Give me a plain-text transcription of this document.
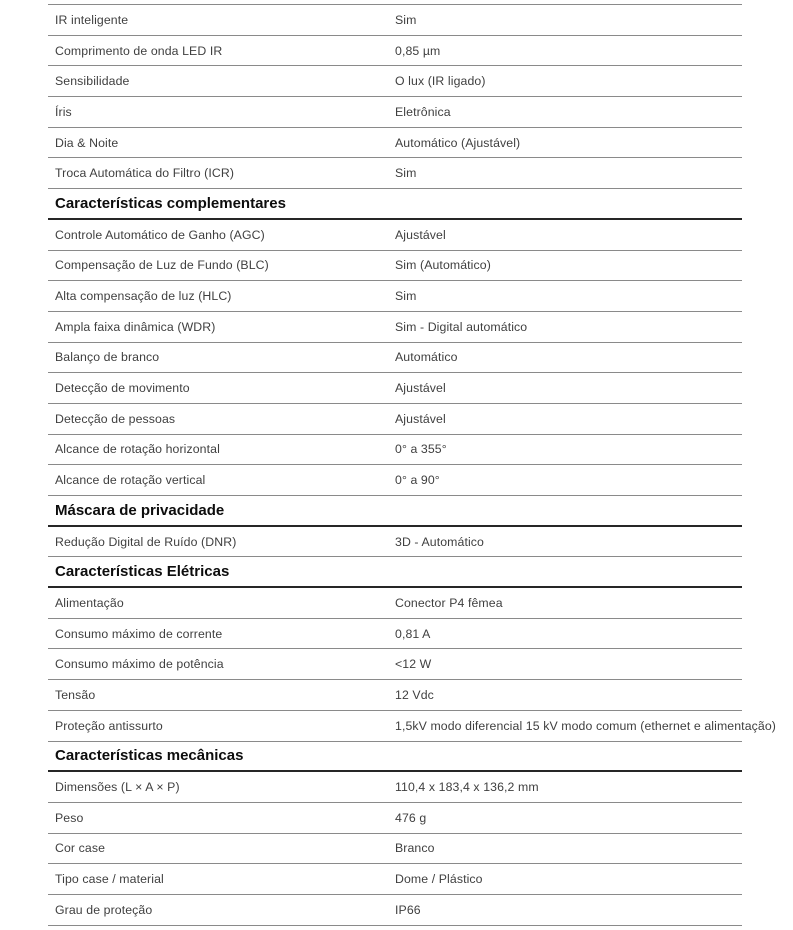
IR inteligente	Sim
Comprimento de onda LED IR	0,85 µm
Sensibilidade	O lux (IR ligado)
Íris	Eletrônica
Dia & Noite	Automático (Ajustável)
Troca Automática do Filtro (ICR)	Sim
Características complementares
Controle Automático de Ganho (AGC)	Ajustável
Compensação de Luz de Fundo (BLC)	Sim (Automático)
Alta compensação de luz (HLC)	Sim
Ampla faixa dinâmica (WDR)	Sim - Digital automático
Balanço de branco	Automático
Detecção de movimento	Ajustável
Detecção de pessoas	Ajustável
Alcance de rotação horizontal	0° a 355°
Alcance de rotação vertical	0° a 90°
Máscara de privacidade
Redução Digital de Ruído (DNR)	3D - Automático
Características Elétricas
Alimentação	Conector P4 fêmea
Consumo máximo de corrente	0,81 A
Consumo máximo de potência	<12 W
Tensão	12 Vdc
Proteção antissurto	1,5kV modo diferencial 15 kV modo comum (ethernet e alimentação)
Características mecânicas
Dimensões (L × A × P)	110,4 x 183,4 x 136,2 mm
Peso	476 g
Cor case	Branco
Tipo case / material	Dome / Plástico
Grau de proteção	IP66
